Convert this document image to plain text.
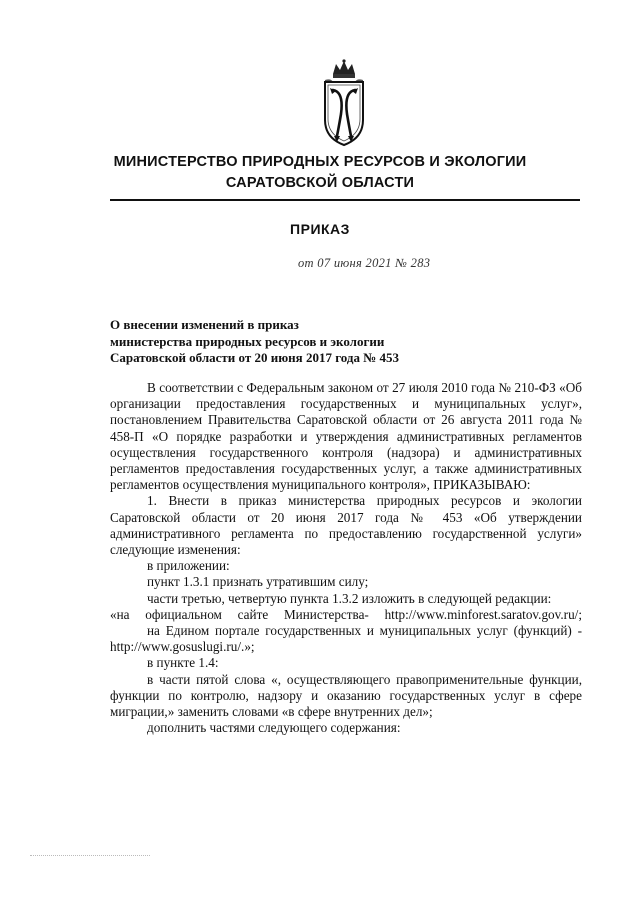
МИНИСТЕРСТВО ПРИРОДНЫХ РЕСУРСОВ И ЭКОЛОГИИ
САРАТОВСКОЙ ОБЛАСТИ
ПРИКАЗ
от 07 июня 2021 № 283
О внесении изменений в приказ
министерства природных ресурсов и экологии
Саратовской области от 20 июня 2017 года № 453

В соответствии с Федеральным законом от 27 июля 2010 года № 210-ФЗ «Об организации предоставления государственных и муниципальных услуг», постановлением Правительства Саратовской области от 26 августа 2011 года № 458-П «О порядке разработки и утверждения административных регламентов осуществления государственного контроля (надзора) и административных регламентов предоставления государственных услуг, а также административных регламентов осуществления муниципального контроля», ПРИКАЗЫВАЮ:

1. Внести в приказ министерства природных ресурсов и экологии Саратовской области от 20 июня 2017 года № 453 «Об утверждении административного регламента по предоставлению государственной услуги» следующие изменения:

в приложении:

пункт 1.3.1 признать утратившим силу;

части третью, четвертую пункта 1.3.2 изложить в следующей редакции:

«на официальном сайте Министерства- http://www.minforest.saratov.gov.ru/;

на Едином портале государственных и муниципальных услуг (функций) - http://www.gosuslugi.ru/.»;

в пункте 1.4:

в части пятой слова «, осуществляющего правоприменительные функции, функции по контролю, надзору и оказанию государственных услуг в сфере миграции,» заменить словами «в сфере внутренних дел»;

дополнить частями следующего содержания:
